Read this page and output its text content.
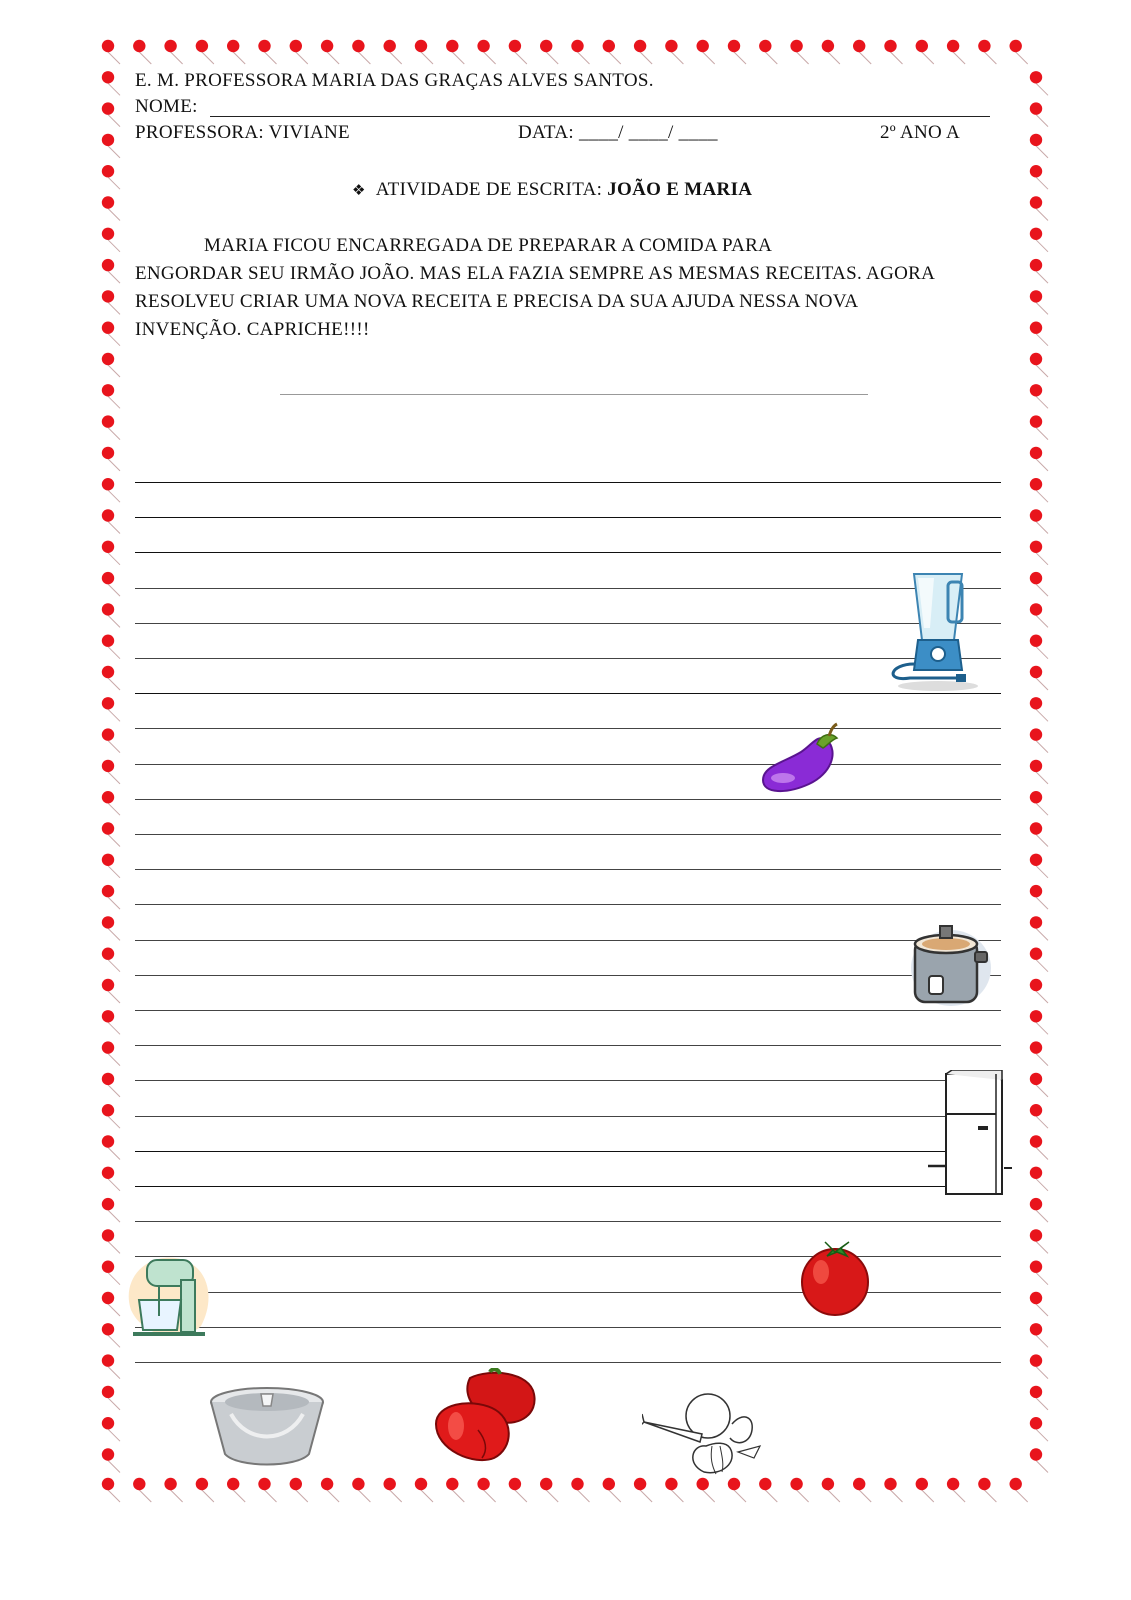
E. M. PROFESSORA MARIA DAS GRAÇAS ALVES SANTOS.
NOME:
PROFESSORA: VIVIANE	DATA: ____/ ____/ ____	2º ANO A
❖ ATIVIDADE DE ESCRITA: JOÃO E MARIA
MARIA FICOU ENCARREGADA DE PREPARAR A COMIDA PARA
ENGORDAR SEU IRMÃO JOÃO. MAS ELA FAZIA SEMPRE AS MESMAS RECEITAS. AGORA
RESOLVEU CRIAR UMA NOVA RECEITA E PRECISA DA SUA AJUDA NESSA NOVA
INVENÇÃO. CAPRICHE!!!!
